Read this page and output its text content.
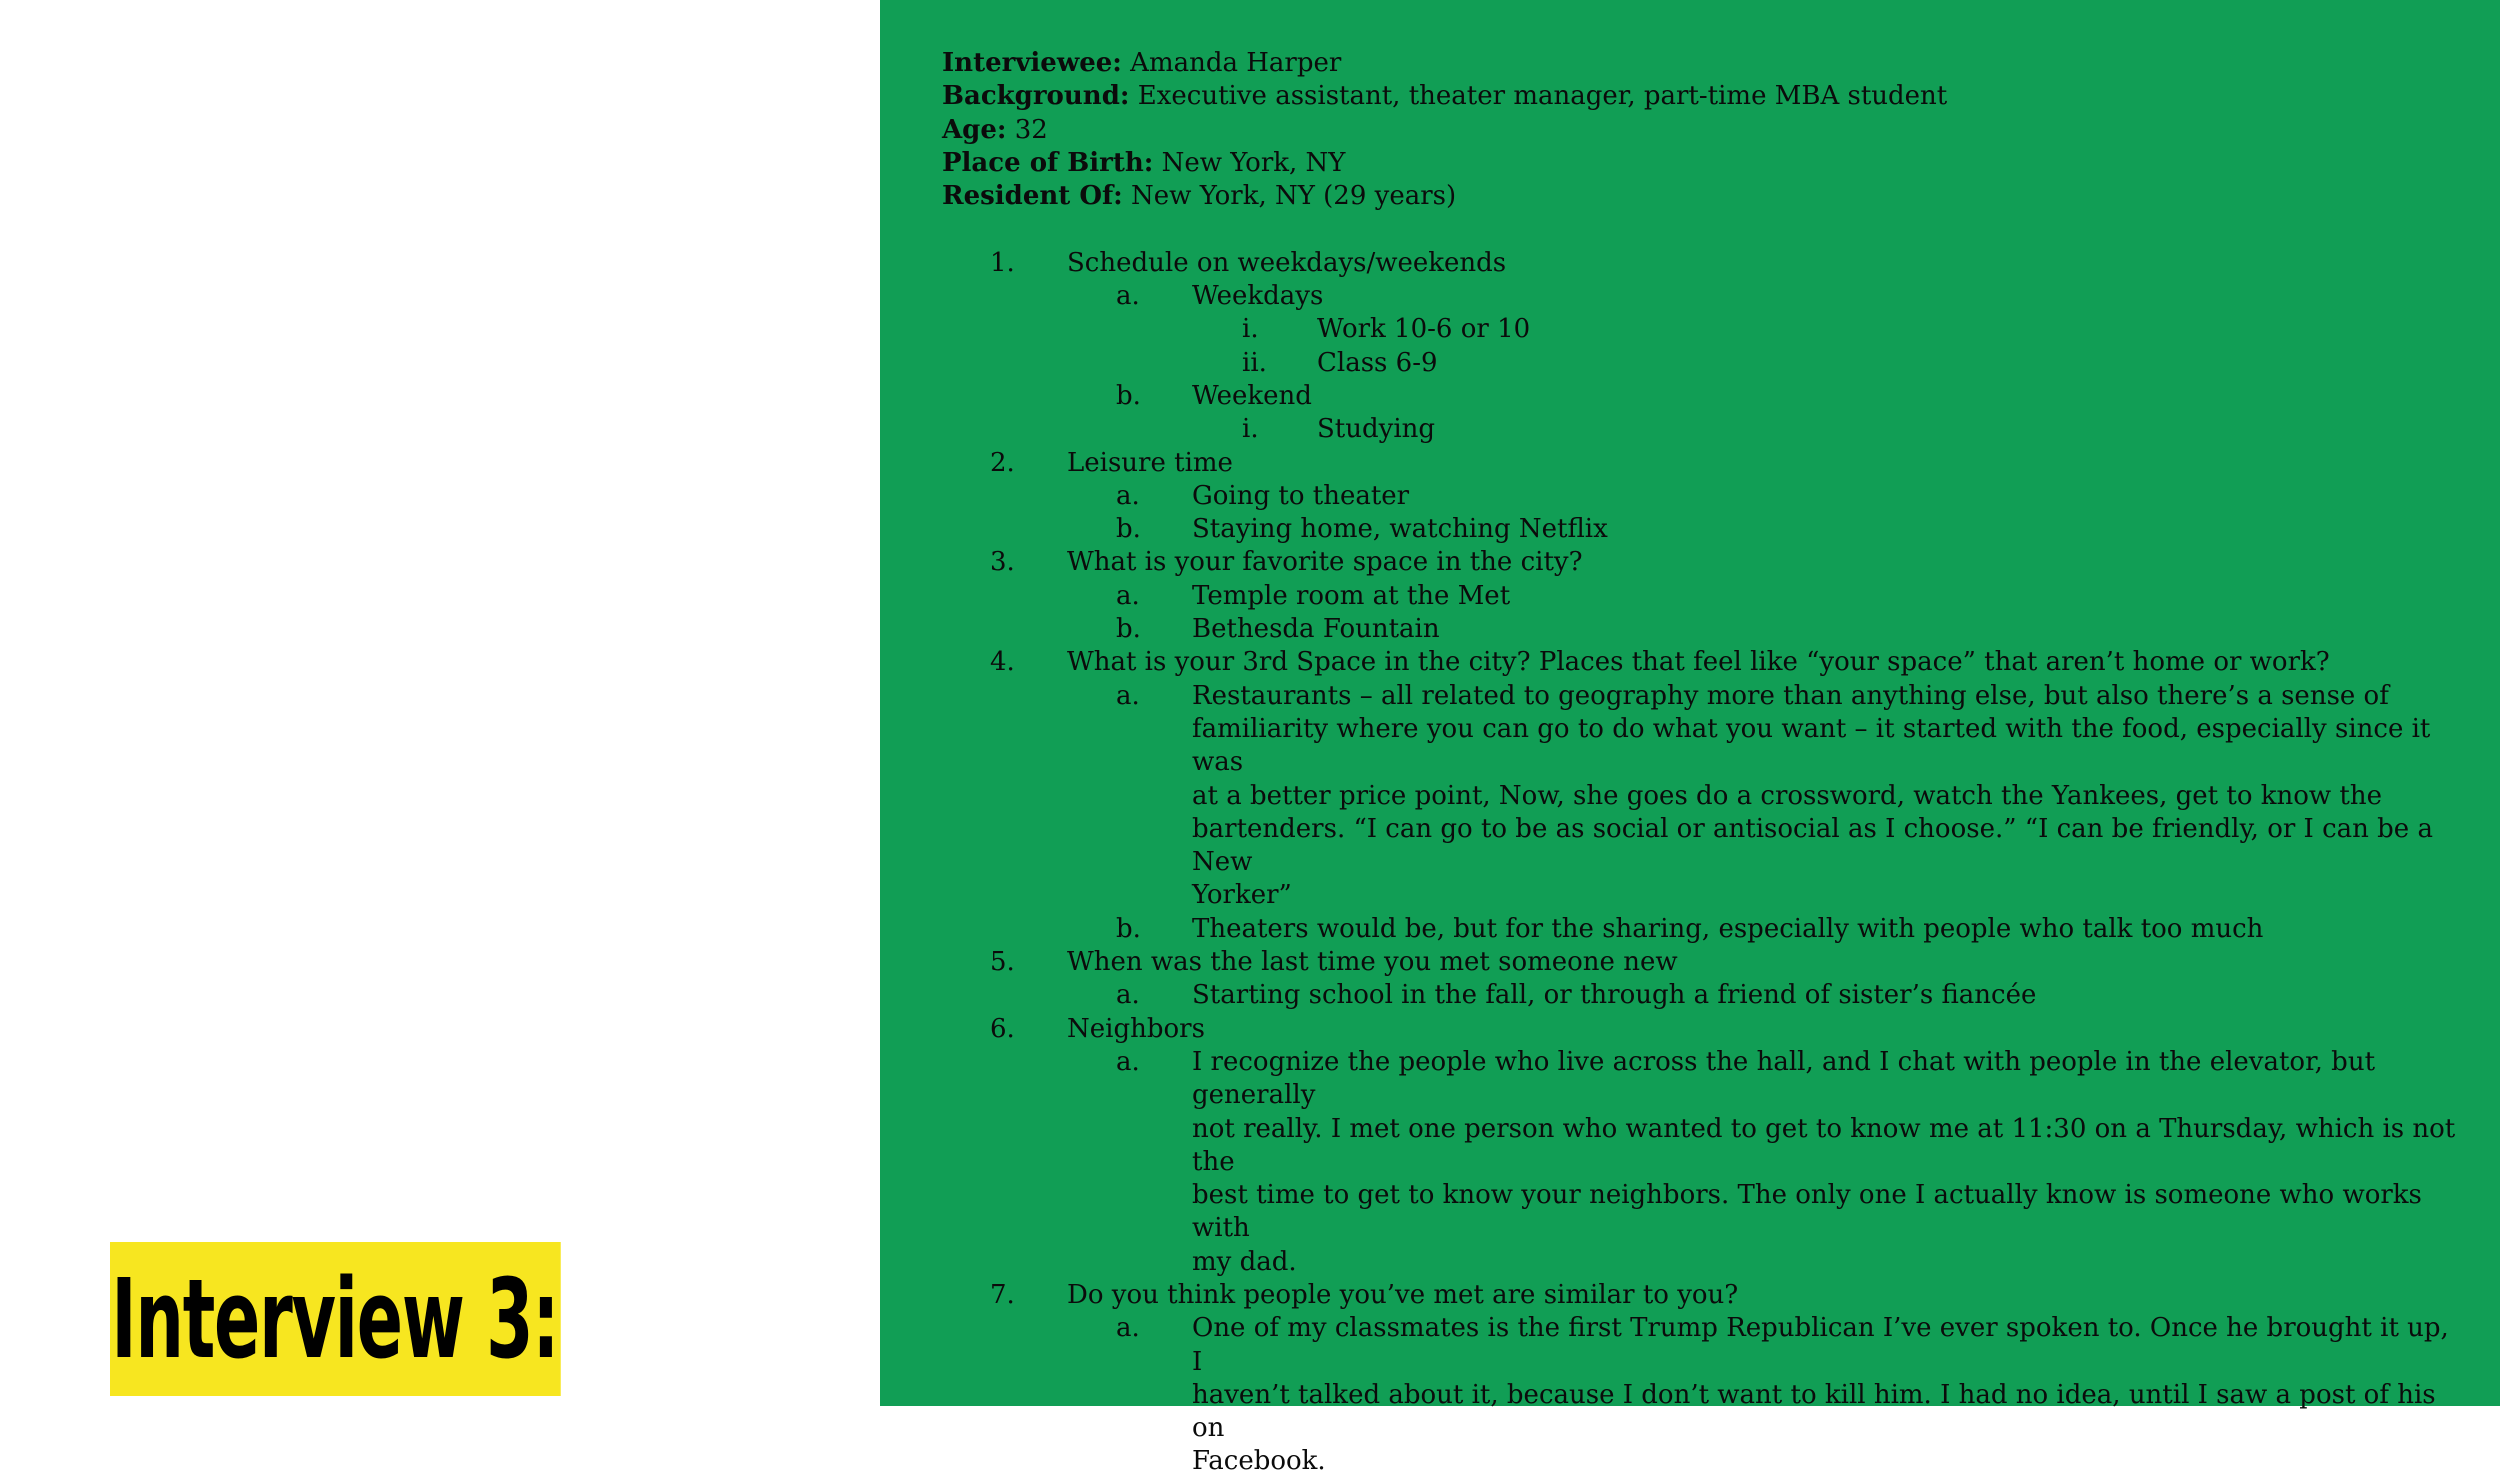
Interview 3:
Interviewee: Amanda Harper
Background: Executive assistant, theater manager, part-time MBA student
Age: 32
Place of Birth: New York, NY
Resident Of: New York, NY (29 years)
1. Schedule on weekdays/weekends
a. Weekdays
i. Work 10-6 or 10
ii. Class 6-9
b. Weekend
i. Studying
2. Leisure time
a. Going to theater
b. Staying home, watching Netflix
3. What is your favorite space in the city?
a. Temple room at the Met
b. Bethesda Fountain
4. What is your 3rd Space in the city? Places that feel like “your space” that aren’t home or work?
a. Restaurants – all related to geography more than anything else, but also there’s a sense of
familiarity where you can go to do what you want – it started with the food, especially since it was
at a better price point, Now, she goes do a crossword, watch the Yankees, get to know the
bartenders. “I can go to be as social or antisocial as I choose.” “I can be friendly, or I can be a New
Yorker”
b. Theaters would be, but for the sharing, especially with people who talk too much
5. When was the last time you met someone new
a. Starting school in the fall, or through a friend of sister’s fiancée
6. Neighbors
a. I recognize the people who live across the hall, and I chat with people in the elevator, but generally
not really. I met one person who wanted to get to know me at 11:30 on a Thursday, which is not the
best time to get to know your neighbors. The only one I actually know is someone who works with
my dad.
7. Do you think people you’ve met are similar to you?
a. One of my classmates is the first Trump Republican I’ve ever spoken to. Once he brought it up, I
haven’t talked about it, because I don’t want to kill him. I had no idea, until I saw a post of his on
Facebook.
